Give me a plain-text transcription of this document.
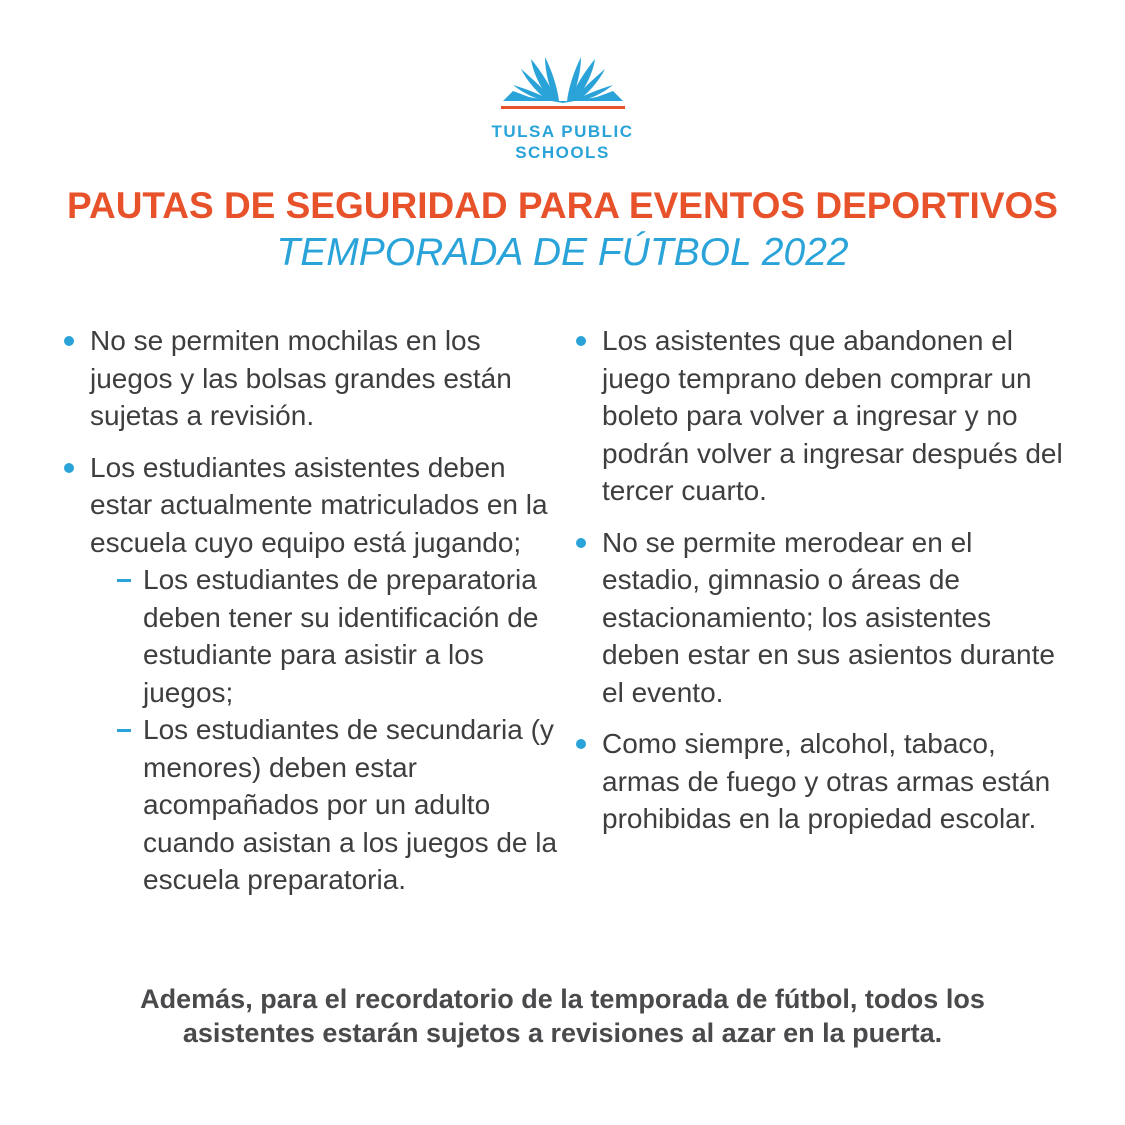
TULSA PUBLIC
SCHOOLS
PAUTAS DE SEGURIDAD PARA EVENTOS DEPORTIVOS
TEMPORADA DE FÚTBOL 2022
No se permiten mochilas en los juegos y las bolsas grandes están sujetas a revisión.
Los estudiantes asistentes deben estar actualmente matriculados en la escuela cuyo equipo está jugando;
Los estudiantes de preparatoria deben tener su identificación de estudiante para asistir a los juegos;
Los estudiantes de secundaria (y menores) deben estar acompañados por un adulto cuando asistan a los juegos de la escuela preparatoria.
Los asistentes que abandonen el juego temprano deben comprar un boleto para volver a ingresar y no podrán volver a ingresar después del tercer cuarto.
No se permite merodear en el estadio, gimnasio o áreas de estacionamiento; los asistentes deben estar en sus asientos durante el evento.
Como siempre, alcohol, tabaco, armas de fuego y otras armas están prohibidas en la propiedad escolar.
Además, para el recordatorio de la temporada de fútbol, todos los
asistentes estarán sujetos a revisiones al azar en la puerta.
